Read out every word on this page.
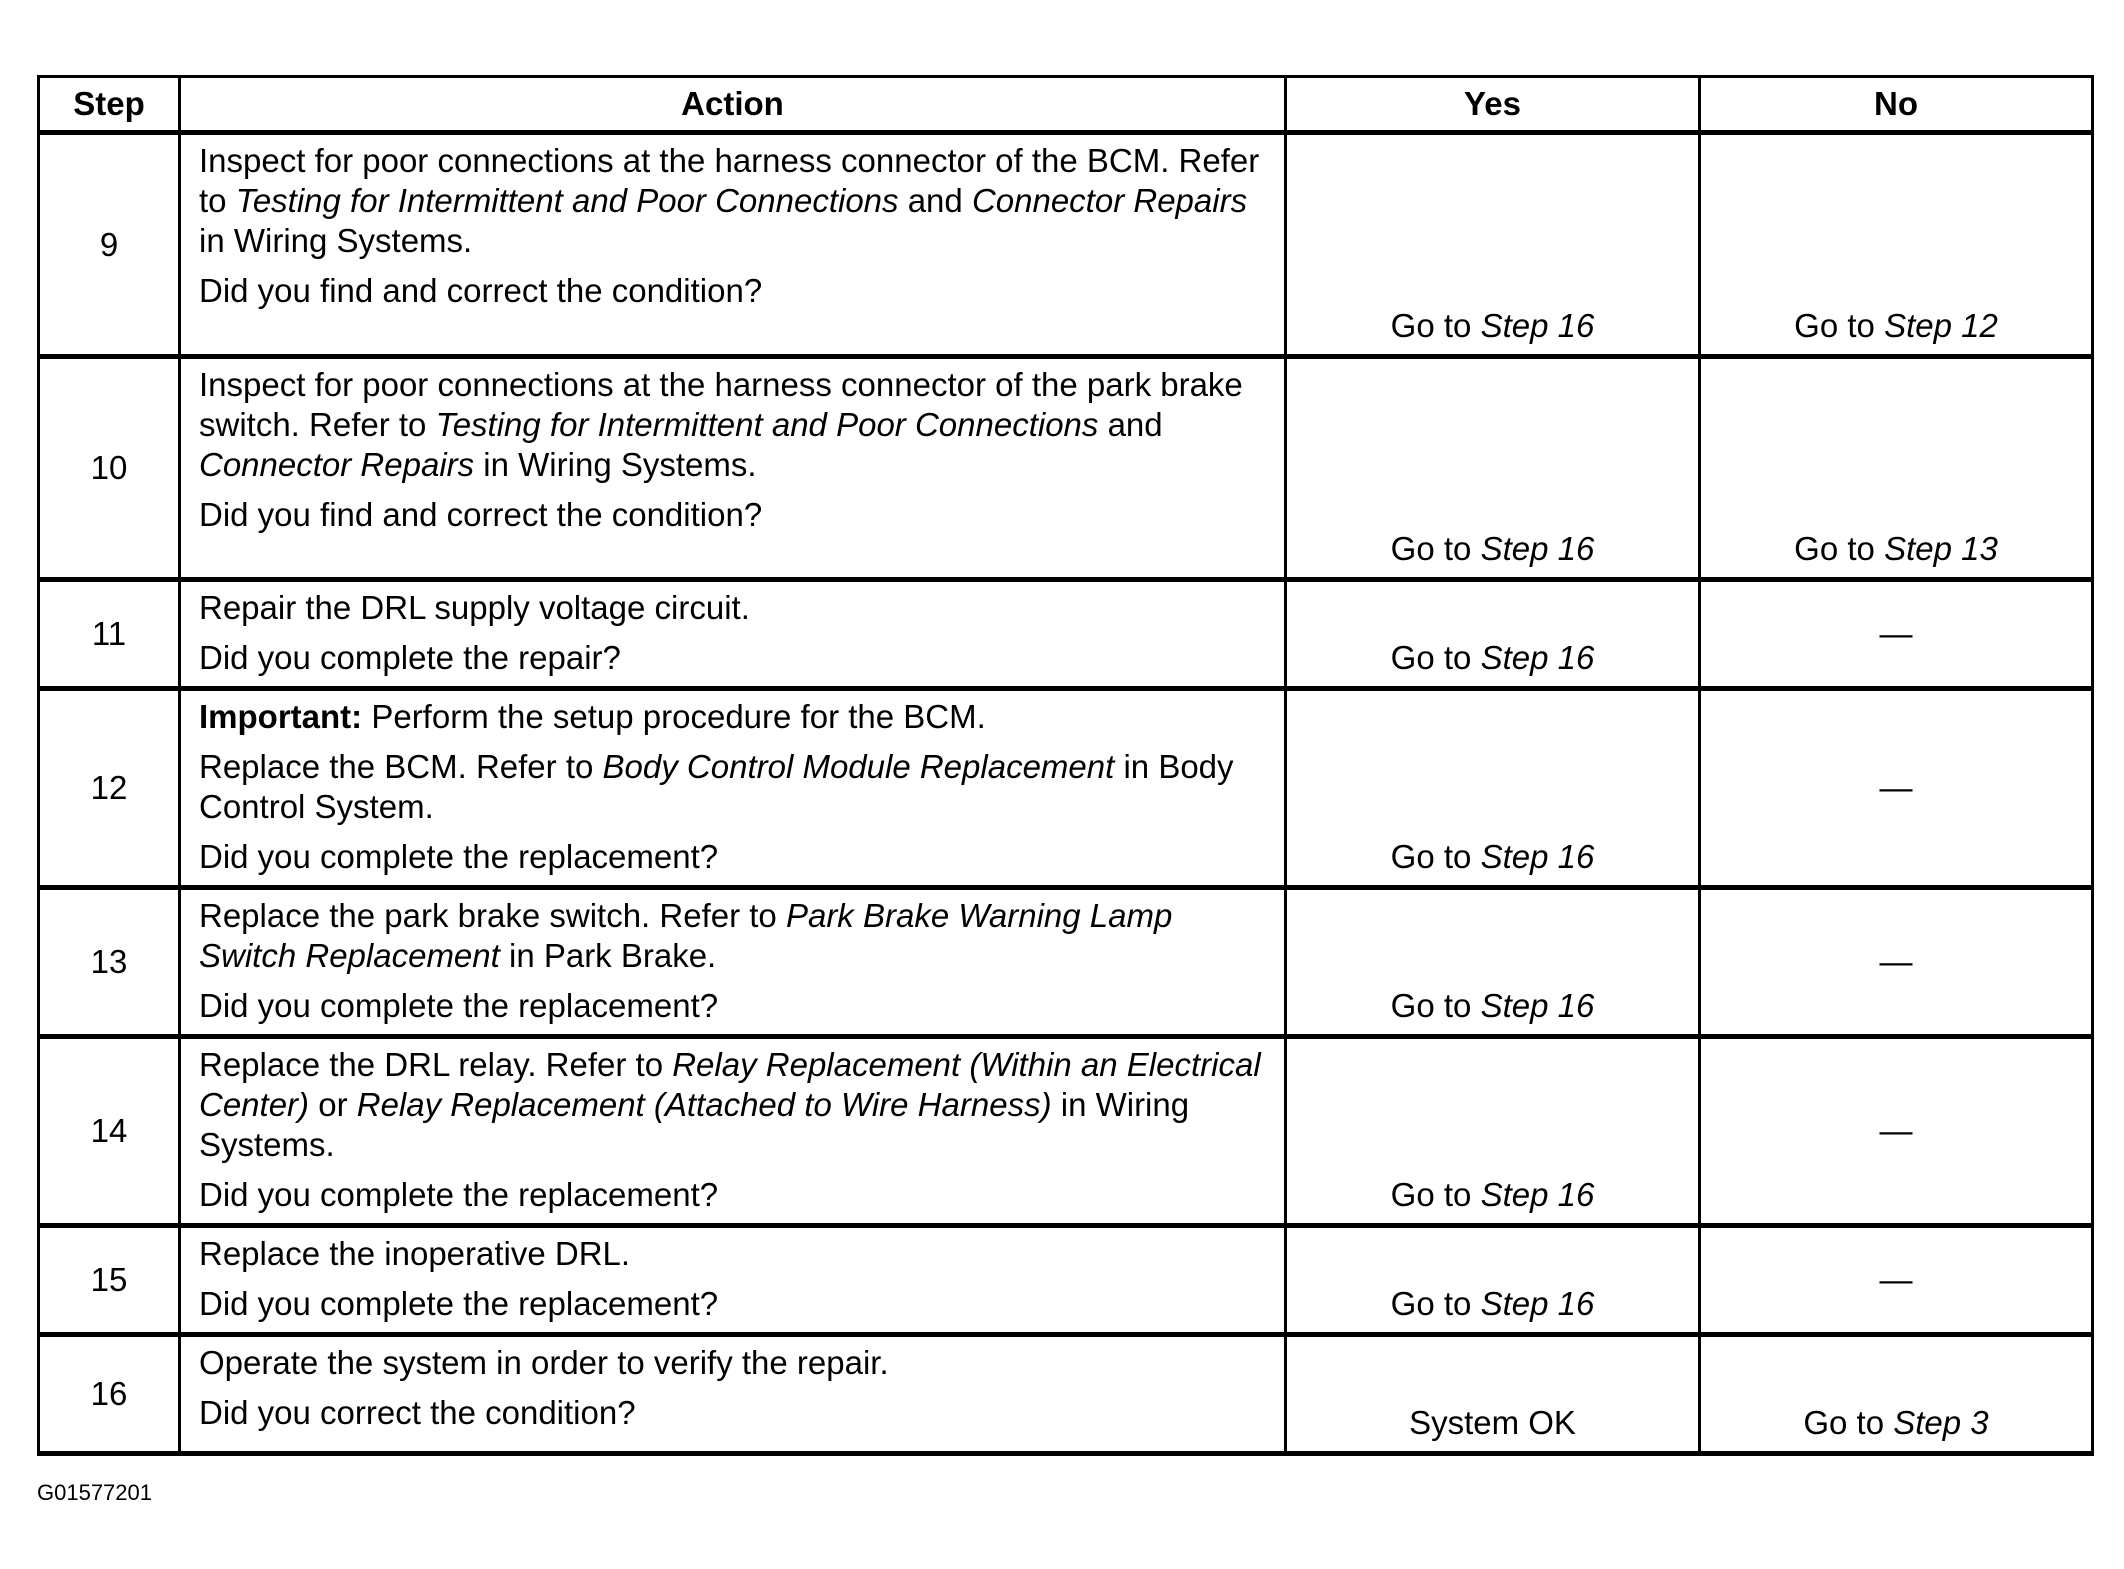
Step	Action	Yes	No
9	Inspect for poor connections at the harness connector of the BCM. Refer to Testing for Intermittent and Poor Connections and Connector Repairs in Wiring Systems.
Did you find and correct the condition?	Go to Step 16	Go to Step 12

10	Inspect for poor connections at the harness connector of the park brake switch. Refer to Testing for Intermittent and Poor Connections and Connector Repairs in Wiring Systems.
Did you find and correct the condition?	Go to Step 16	Go to Step 13

11	Repair the DRL supply voltage circuit.
Did you complete the repair?	Go to Step 16	—

12	Important: Perform the setup procedure for the BCM.
Replace the BCM. Refer to Body Control Module Replacement in Body Control System.
Did you complete the replacement?	Go to Step 16	—

13	Replace the park brake switch. Refer to Park Brake Warning Lamp Switch Replacement in Park Brake.
Did you complete the replacement?	Go to Step 16	—

14	Replace the DRL relay. Refer to Relay Replacement (Within an Electrical Center) or Relay Replacement (Attached to Wire Harness) in Wiring Systems.
Did you complete the replacement?	Go to Step 16	—

15	Replace the inoperative DRL.
Did you complete the replacement?	Go to Step 16	—

16	Operate the system in order to verify the repair.
Did you correct the condition?	System OK	Go to Step 3
G01577201
